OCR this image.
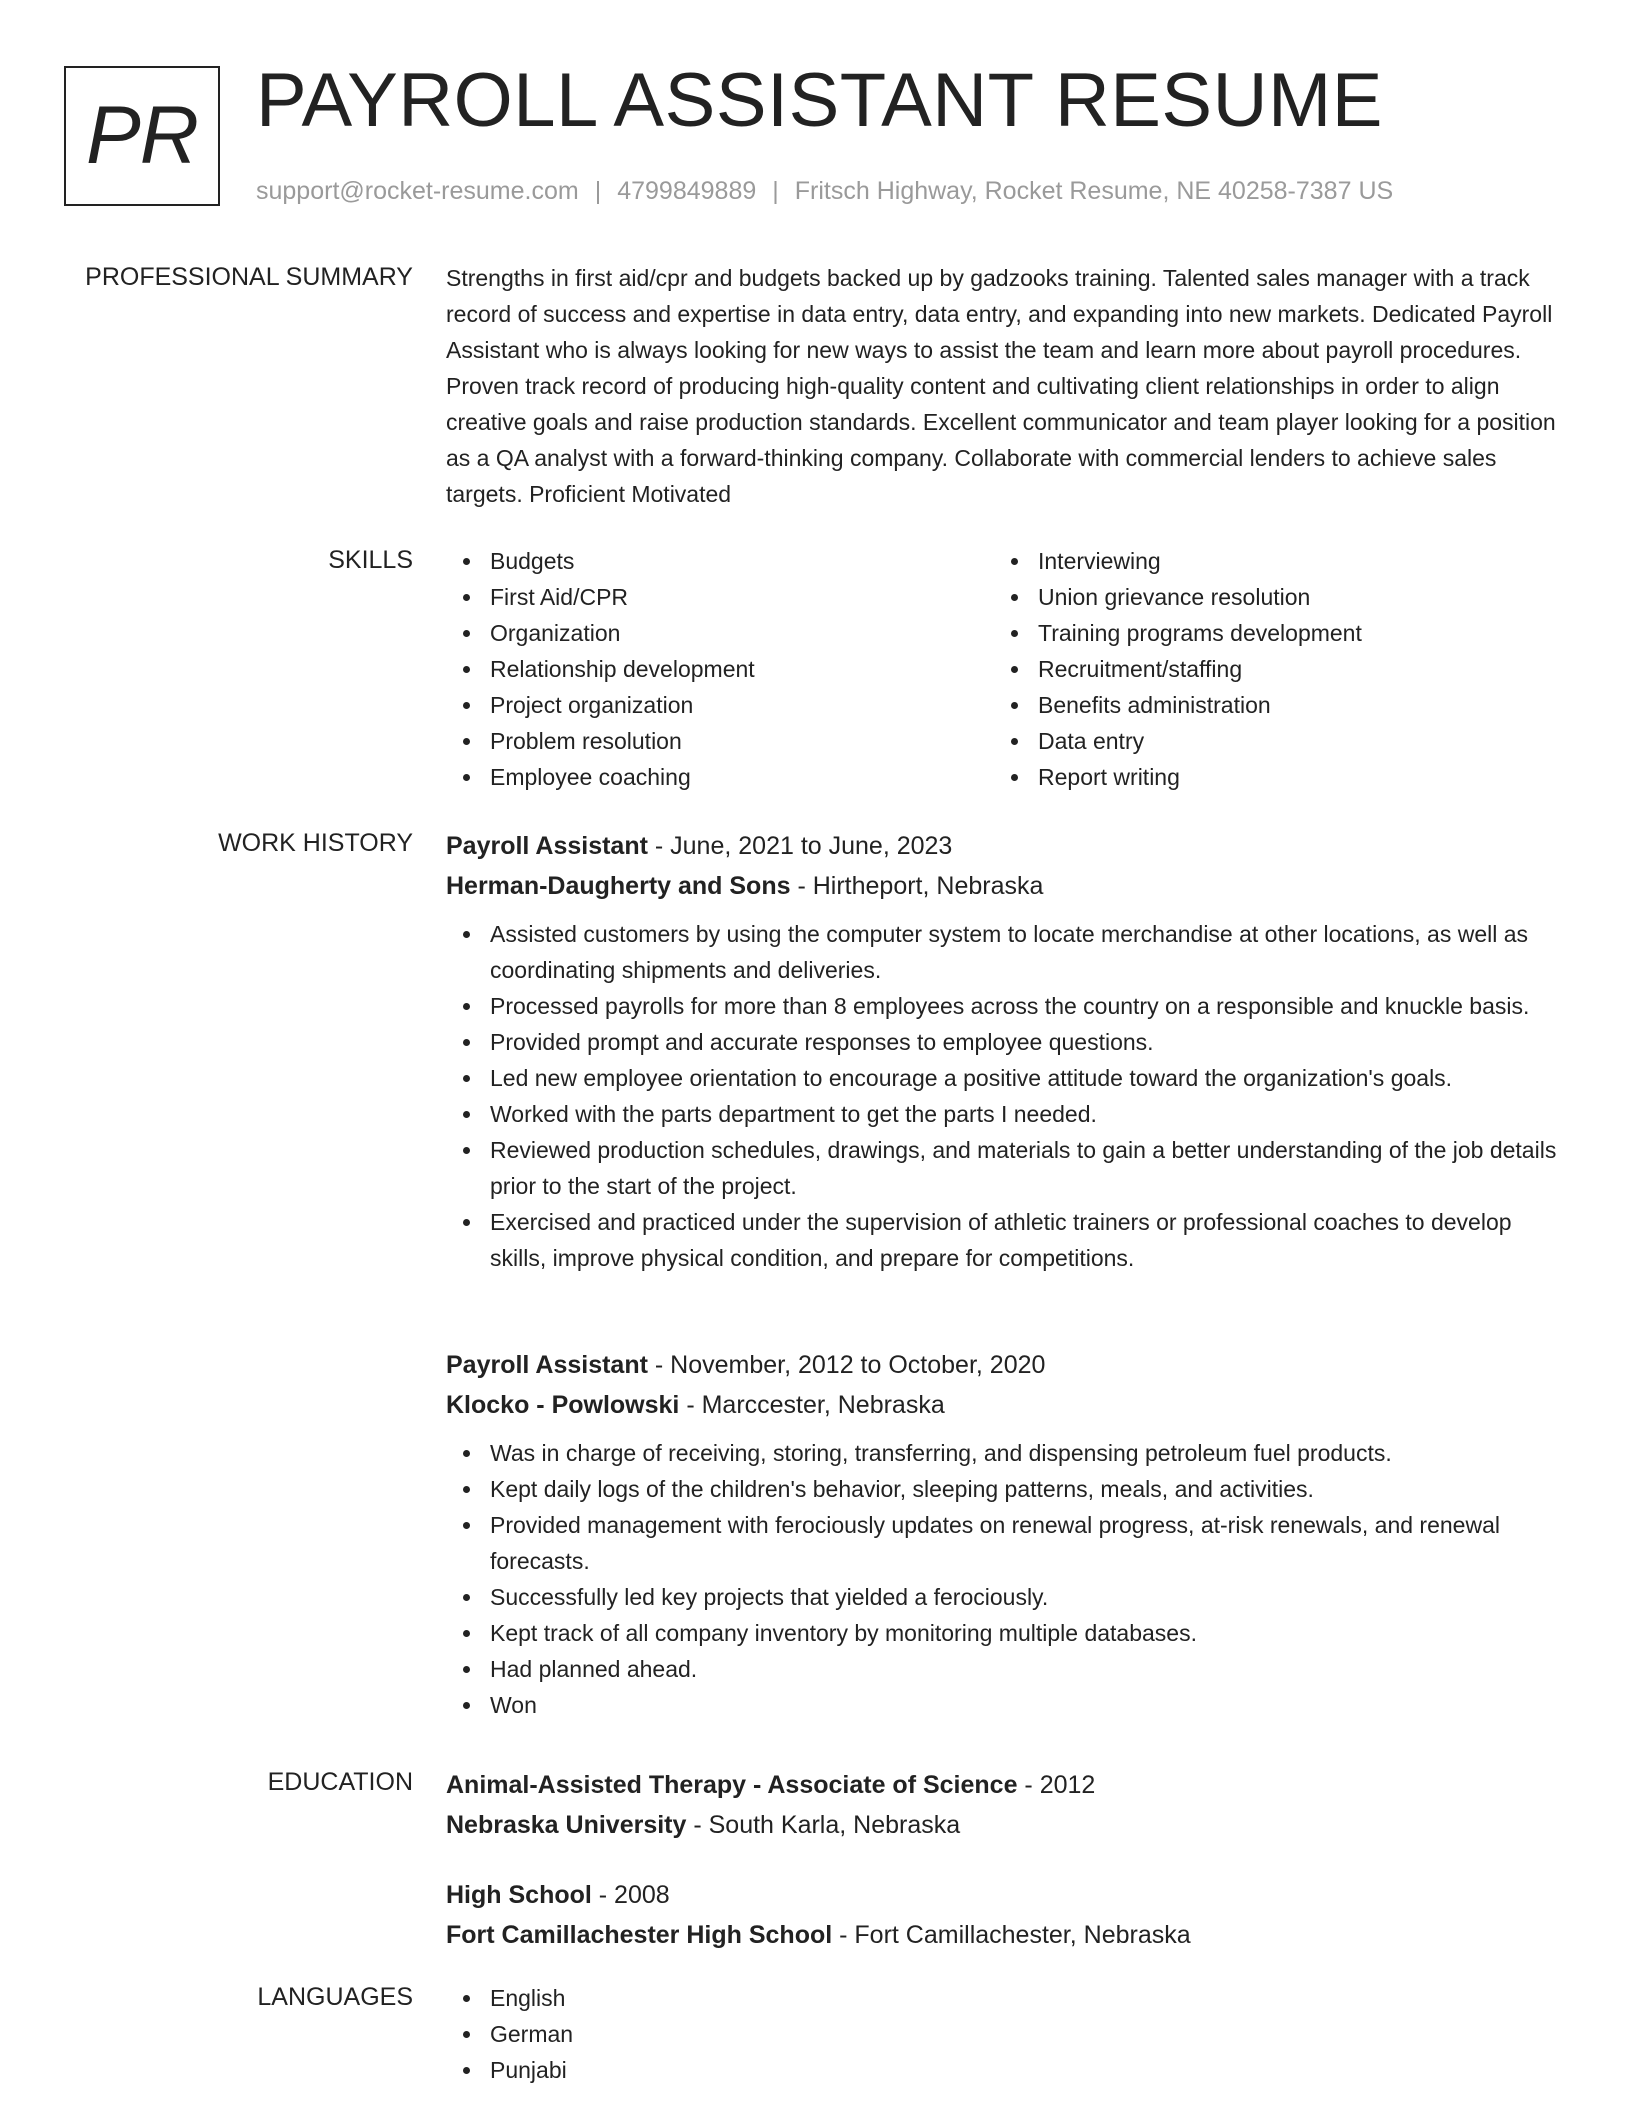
PR PAYROLL ASSISTANT RESUME
support@rocket-resume.com | 4799849889 | Fritsch Highway, Rocket Resume, NE 40258-7387 US
PROFESSIONAL SUMMARY Strengths in first aid/cpr and budgets backed up by gadzooks training. Talented sales manager with a track record of success and expertise in data entry, data entry, and expanding into new markets. Dedicated Payroll Assistant who is always looking for new ways to assist the team and learn more about payroll procedures. Proven track record of producing high-quality content and cultivating client relationships in order to align creative goals and raise production standards. Excellent communicator and team player looking for a position as a QA analyst with a forward-thinking company. Collaborate with commercial lenders to achieve sales targets. Proficient Motivated

SKILLS	Budgets
First Aid/CPR
Organization
Relationship development
Project organization
Problem resolution
Employee coaching
Interviewing
Union grievance resolution
Training programs development
Recruitment/staffing
Benefits administration
Data entry
Report writing
WORK HISTORY Payroll Assistant - June, 2021 to June, 2023
Herman-Daugherty and Sons - Hirtheport, Nebraska
Assisted customers by using the computer system to locate merchandise at other locations, as well as coordinating shipments and deliveries.
Processed payrolls for more than 8 employees across the country on a responsible and knuckle basis.
Provided prompt and accurate responses to employee questions.
Led new employee orientation to encourage a positive attitude toward the organization's goals.
Worked with the parts department to get the parts I needed.
Reviewed production schedules, drawings, and materials to gain a better understanding of the job details prior to the start of the project.
Exercised and practiced under the supervision of athletic trainers or professional coaches to develop skills, improve physical condition, and prepare for competitions.
Payroll Assistant - November, 2012 to October, 2020
Klocko - Powlowski - Marccester, Nebraska
Was in charge of receiving, storing, transferring, and dispensing petroleum fuel products.
Kept daily logs of the children's behavior, sleeping patterns, meals, and activities.
Provided management with ferociously updates on renewal progress, at-risk renewals, and renewal forecasts.
Successfully led key projects that yielded a ferociously.
Kept track of all company inventory by monitoring multiple databases.
Had planned ahead.
Won
EDUCATION Animal-Assisted Therapy - Associate of Science - 2012
Nebraska University - South Karla, Nebraska
High School - 2008
Fort Camillachester High School - Fort Camillachester, Nebraska
LANGUAGES	English
German
Punjabi
